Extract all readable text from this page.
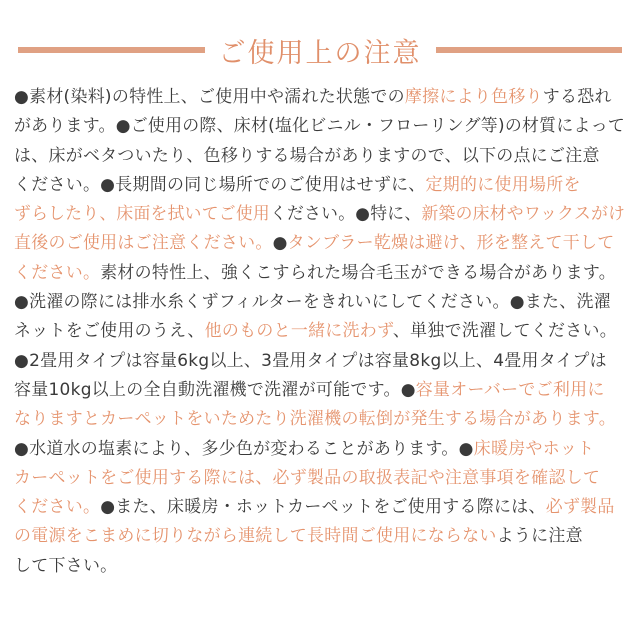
ご使用上の注意
●素材(染料)の特性上、ご使用中や濡れた状態での摩擦により色移りする恐れ
があります。●ご使用の際、床材(塩化ビニル・フローリング等)の材質によって
は、床がベタついたり、色移りする場合がありますので、以下の点にご注意
ください。●長期間の同じ場所でのご使用はせずに、定期的に使用場所を
ずらしたり、床面を拭いてご使用ください。●特に、新築の床材やワックスがけ
直後のご使用はご注意ください。●タンブラー乾燥は避け、形を整えて干して
ください。素材の特性上、強くこすられた場合毛玉ができる場合があります。
●洗濯の際には排水糸くずフィルターをきれいにしてください。●また、洗濯
ネットをご使用のうえ、他のものと一緒に洗わず、単独で洗濯してください。
●2畳用タイプは容量6kg以上、3畳用タイプは容量8kg以上、4畳用タイプは
容量10kg以上の全自動洗濯機で洗濯が可能です。●容量オーバーでご利用に
なりますとカーペットをいためたり洗濯機の転倒が発生する場合があります。
●水道水の塩素により、多少色が変わることがあります。●床暖房やホット
カーペットをご使用する際には、必ず製品の取扱表記や注意事項を確認して
ください。●また、床暖房・ホットカーペットをご使用する際には、必ず製品
の電源をこまめに切りながら連続して長時間ご使用にならないように注意
して下さい。
